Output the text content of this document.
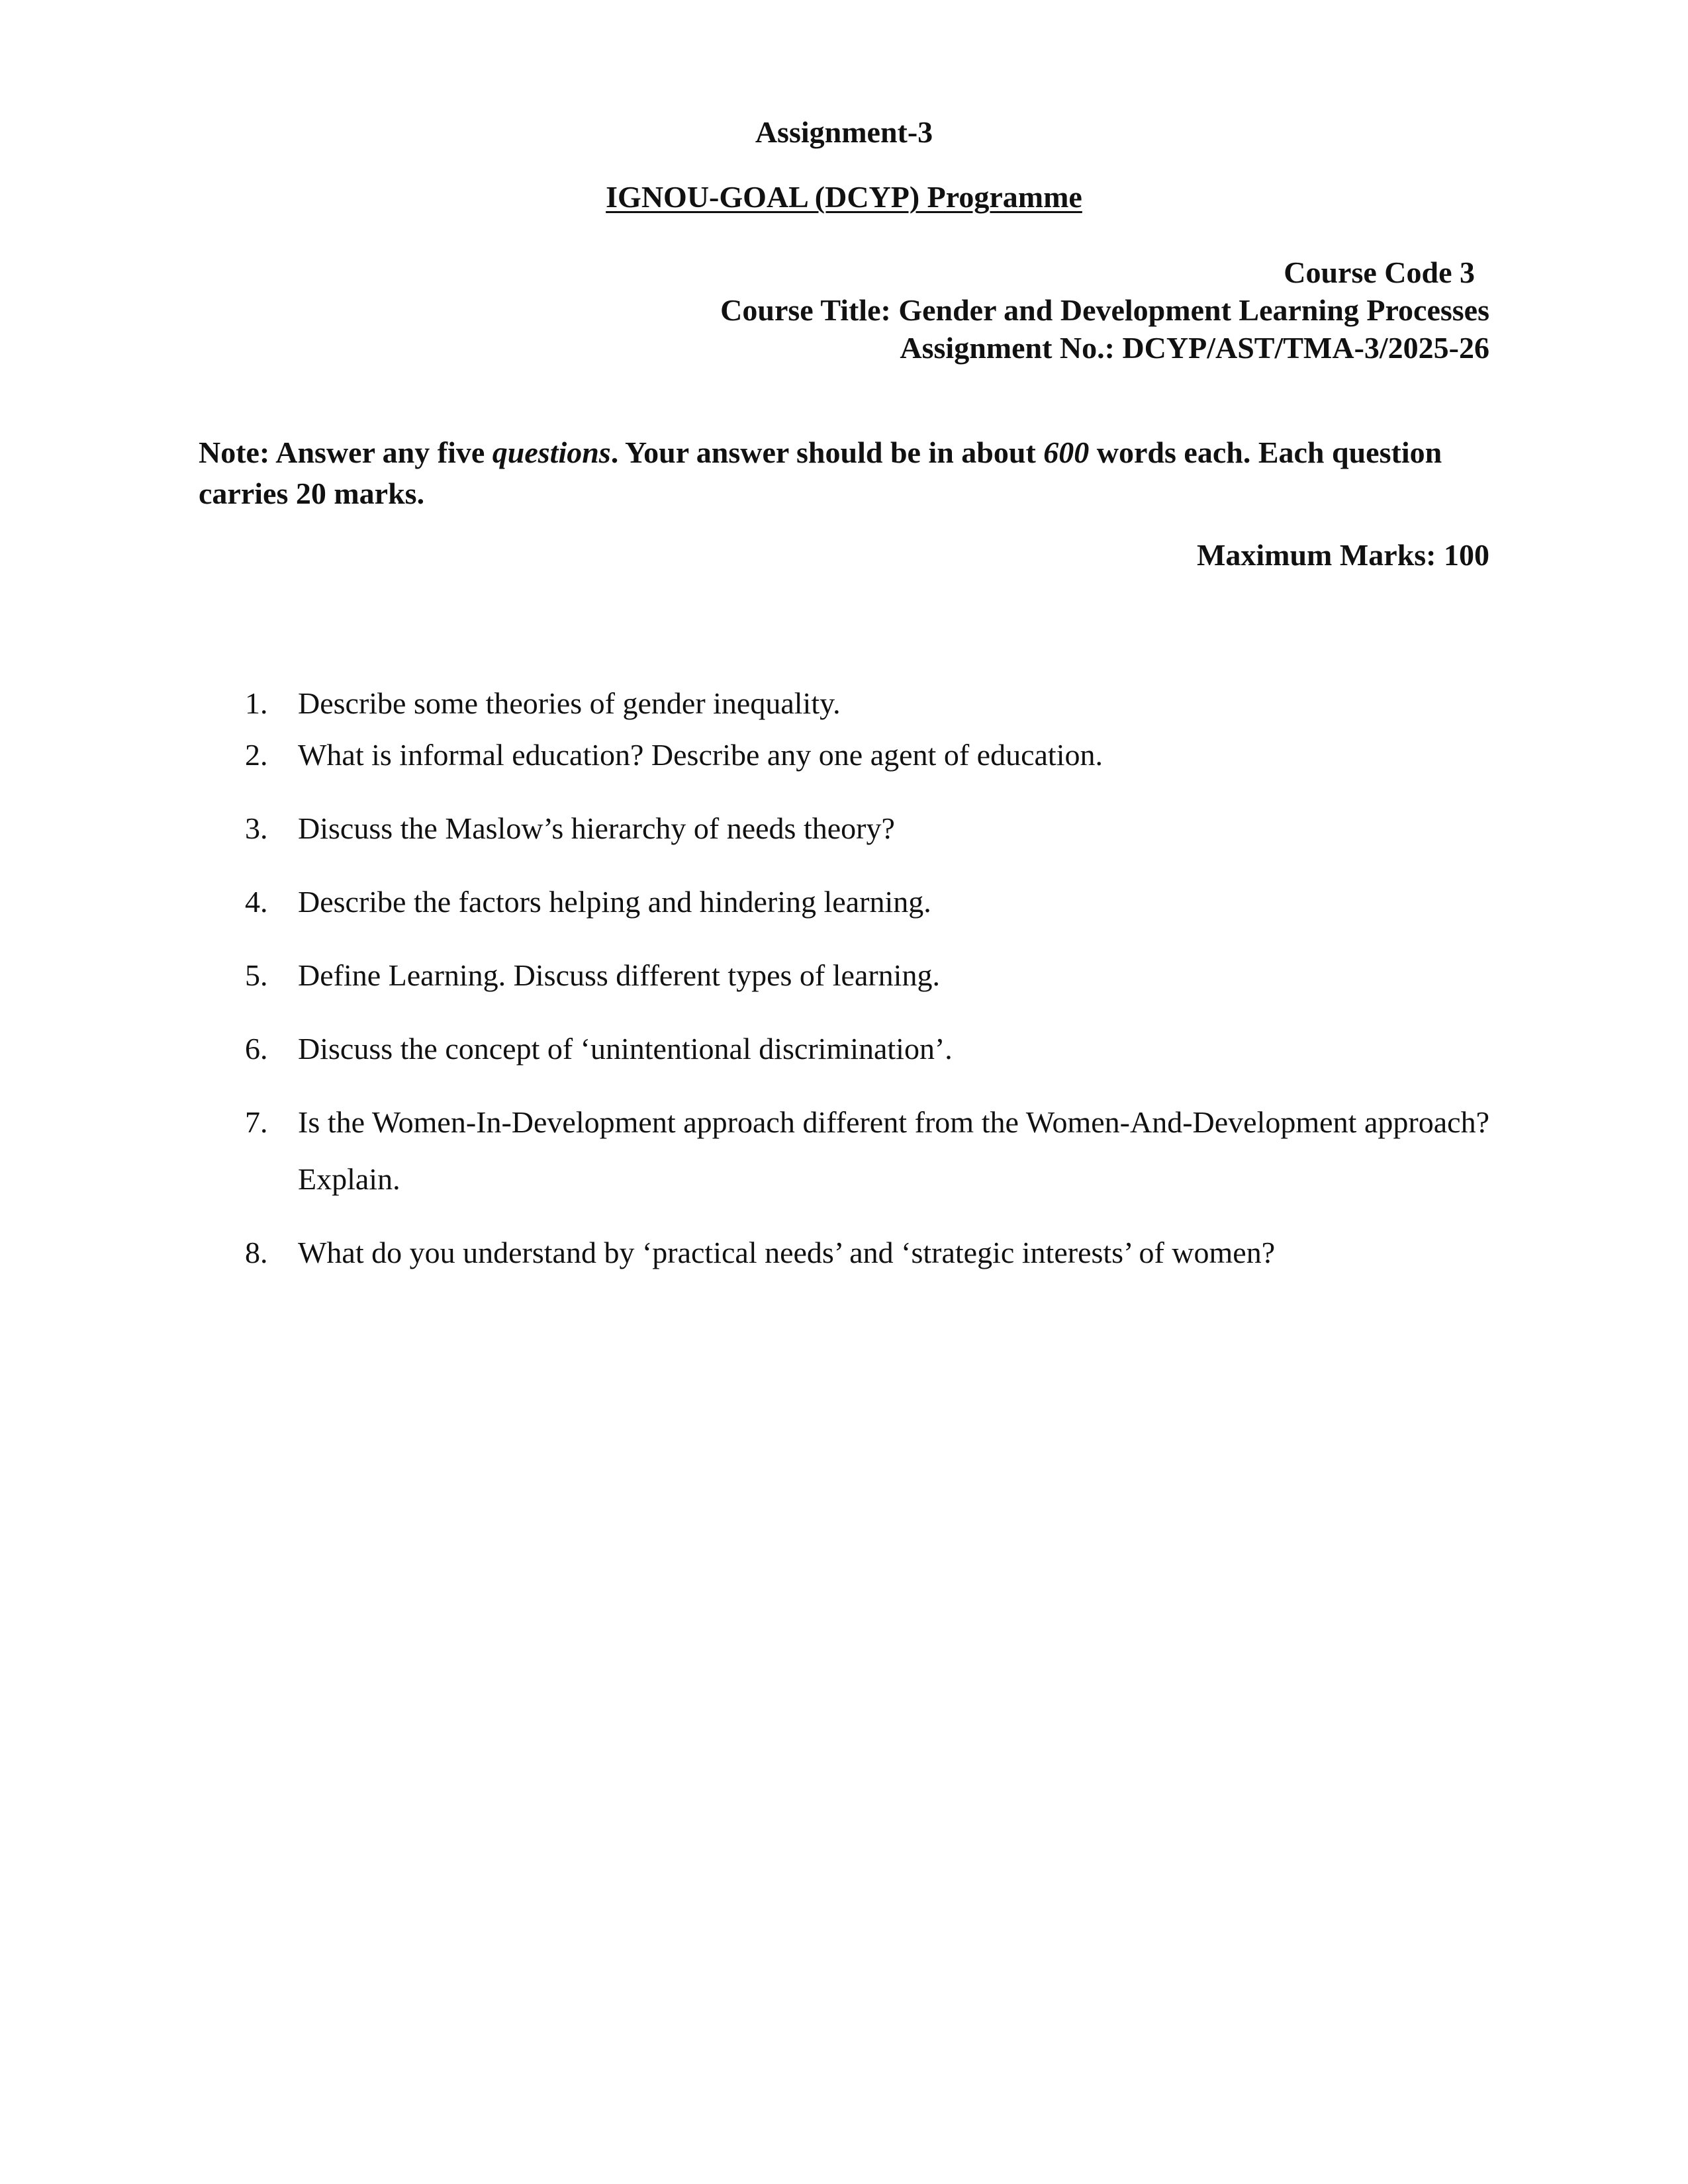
Assignment-3
IGNOU-GOAL (DCYP) Programme
Course Code 3
Course Title: Gender and Development Learning Processes
Assignment No.: DCYP/AST/TMA-3/2025-26

Note: Answer any five questions. Your answer should be in about 600 words each. Each question carries 20 marks.

Maximum Marks: 100
1. Describe some theories of gender inequality.
2. What is informal education? Describe any one agent of education.
3. Discuss the Maslow’s hierarchy of needs theory?
4. Describe the factors helping and hindering learning.
5. Define Learning. Discuss different types of learning.
6. Discuss the concept of ‘unintentional discrimination’.
7. Is the Women-In-Development approach different from the Women-And-Development approach? Explain.
8. What do you understand by ‘practical needs’ and ‘strategic interests’ of women?
